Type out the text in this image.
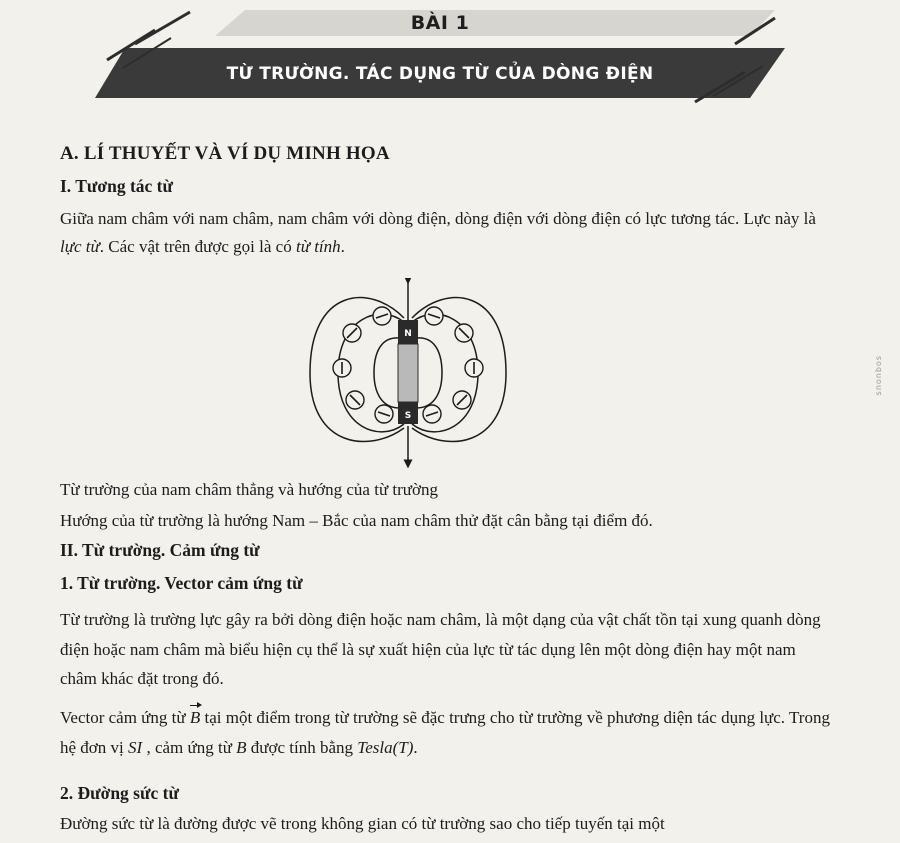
BÀI 1
TỪ TRƯỜNG. TÁC DỤNG TỪ CỦA DÒNG ĐIỆN
A. LÍ THUYẾT VÀ VÍ DỤ MINH HỌA
I. Tương tác từ

Giữa nam châm với nam châm, nam châm với dòng điện, dòng điện với dòng điện có lực tương tác. Lực này là lực từ. Các vật trên được gọi là có từ tính.

N
S
snonbos

Từ trường của nam châm thẳng và hướng của từ trường

Hướng của từ trường là hướng Nam – Bắc của nam châm thử đặt cân bằng tại điểm đó.

II. Từ trường. Cảm ứng từ
1. Từ trường. Vector cảm ứng từ

Từ trường là trường lực gây ra bởi dòng điện hoặc nam châm, là một dạng của vật chất tồn tại xung quanh dòng điện hoặc nam châm mà biểu hiện cụ thể là sự xuất hiện của lực từ tác dụng lên một dòng điện hay một nam châm khác đặt trong đó.

Vector cảm ứng từ B tại một điểm trong từ trường sẽ đặc trưng cho từ trường về phương diện tác dụng lực. Trong hệ đơn vị SI , cảm ứng từ B được tính bằng Tesla(T).

2. Đường sức từ

Đường sức từ là đường được vẽ trong không gian có từ trường sao cho tiếp tuyến tại một
